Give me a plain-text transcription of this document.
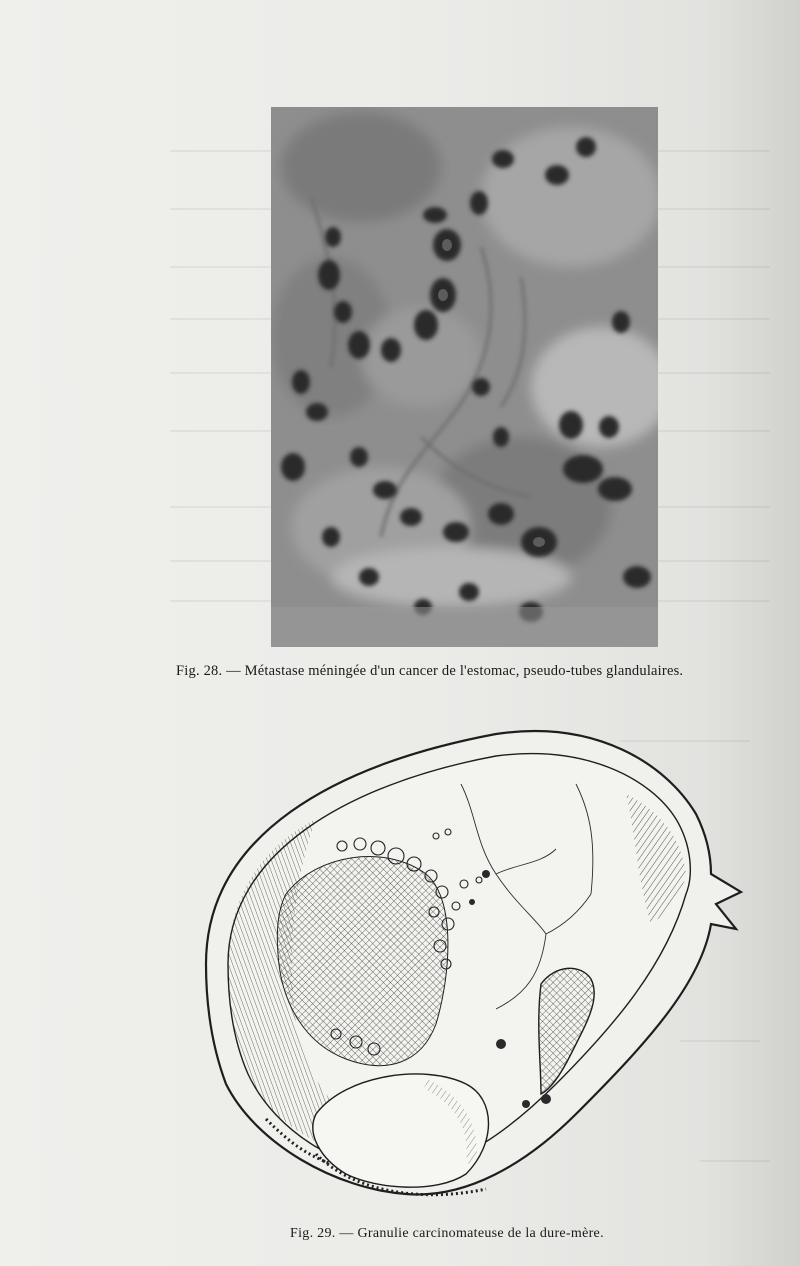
Fig. 28. — Métastase méningée d'un cancer de l'estomac, pseudo-tubes glandulaires.
Fig. 29. — Granulie carcinomateuse de la dure-mère.
